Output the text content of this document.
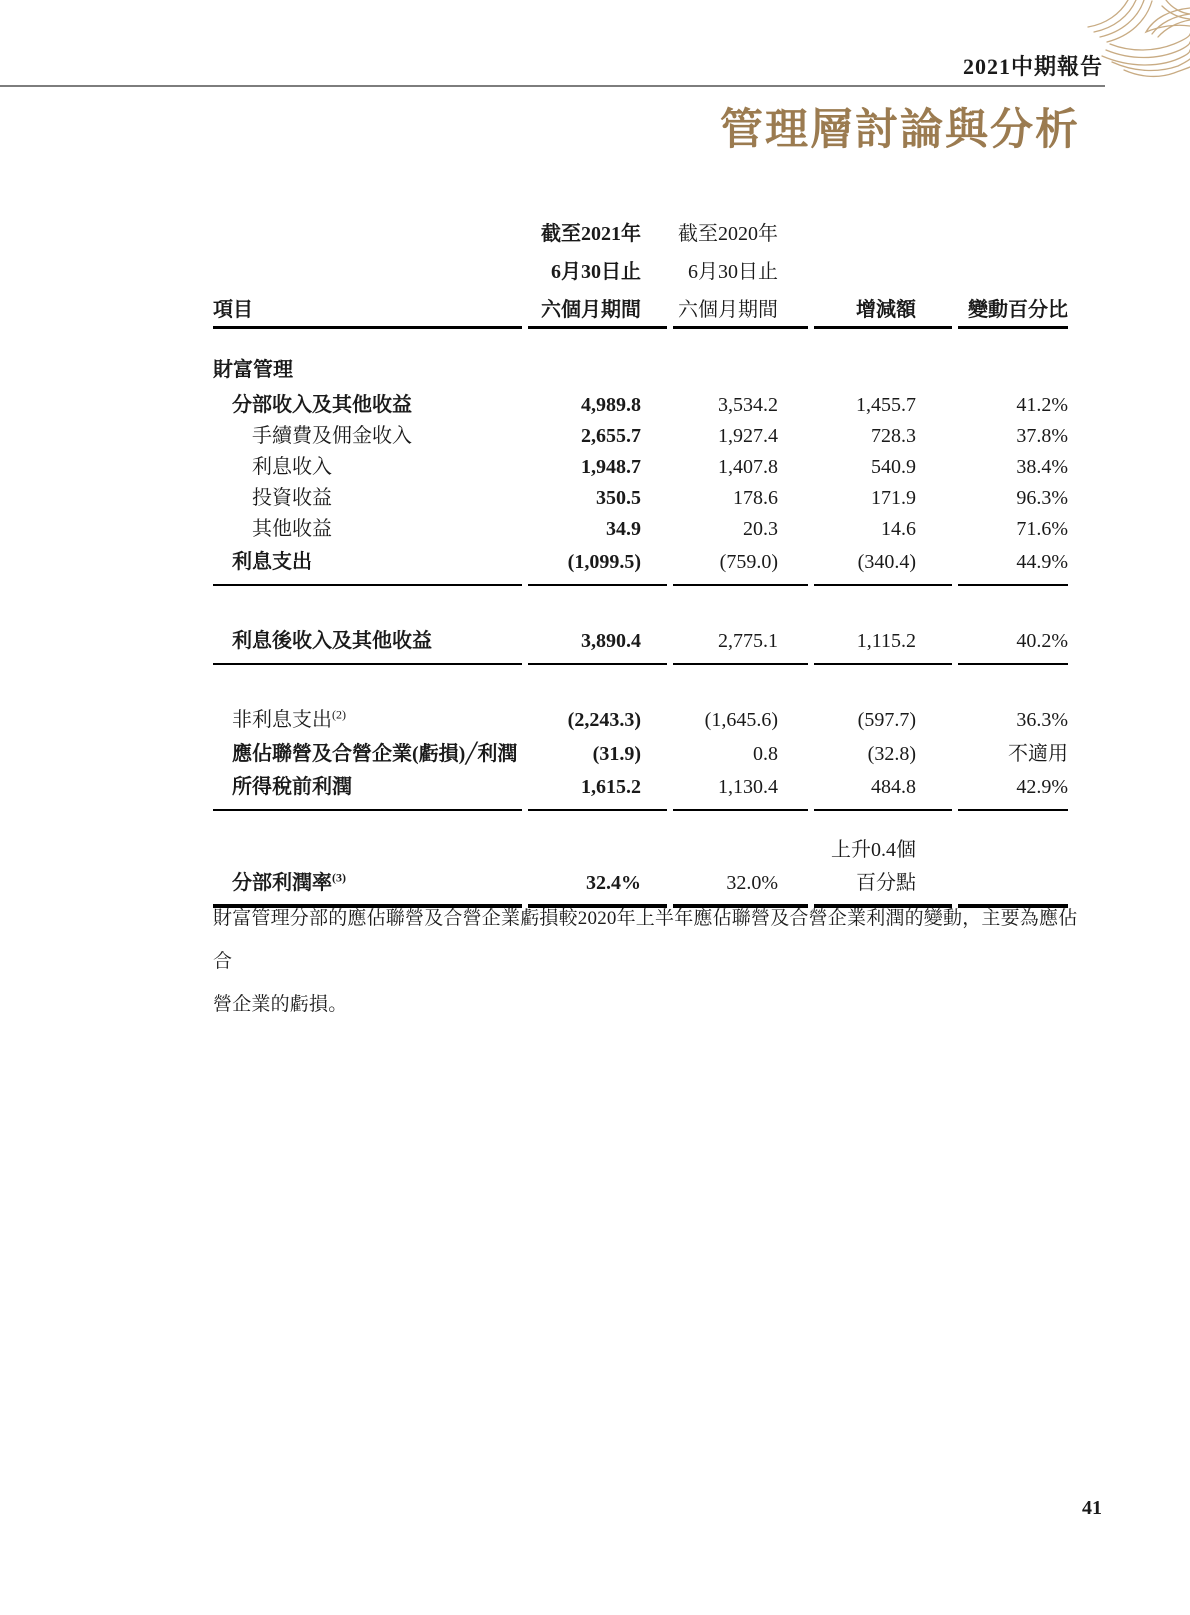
2021中期報告
管理層討論與分析
截至2021年	截至2020年
6月30日止	6月30日止
項目	六個月期間	六個月期間	增減額	變動百分比
財富管理
分部收入及其他收益	4,989.8	3,534.2	1,455.7	41.2%
手續費及佣金收入	2,655.7	1,927.4	728.3	37.8%
利息收入	1,948.7	1,407.8	540.9	38.4%
投資收益	350.5	178.6	171.9	96.3%
其他收益	34.9	20.3	14.6	71.6%
利息支出	(1,099.5)	(759.0)	(340.4)	44.9%
利息後收入及其他收益	3,890.4	2,775.1	1,115.2	40.2%
非利息支出$^{(2)}$	(2,243.3)	(1,645.6)	(597.7)	36.3%
應佔聯營及合營企業(虧損)╱利潤	(31.9)	0.8	(32.8)	不適用
所得稅前利潤	1,615.2	1,130.4	484.8	42.9%
上升0.4個
分部利潤率$^{(3)}$	32.4%	32.0%	百分點
財富管理分部的應佔聯營及合營企業虧損較2020年上半年應佔聯營及合營企業利潤的變動，主要為應佔合
營企業的虧損。
41
